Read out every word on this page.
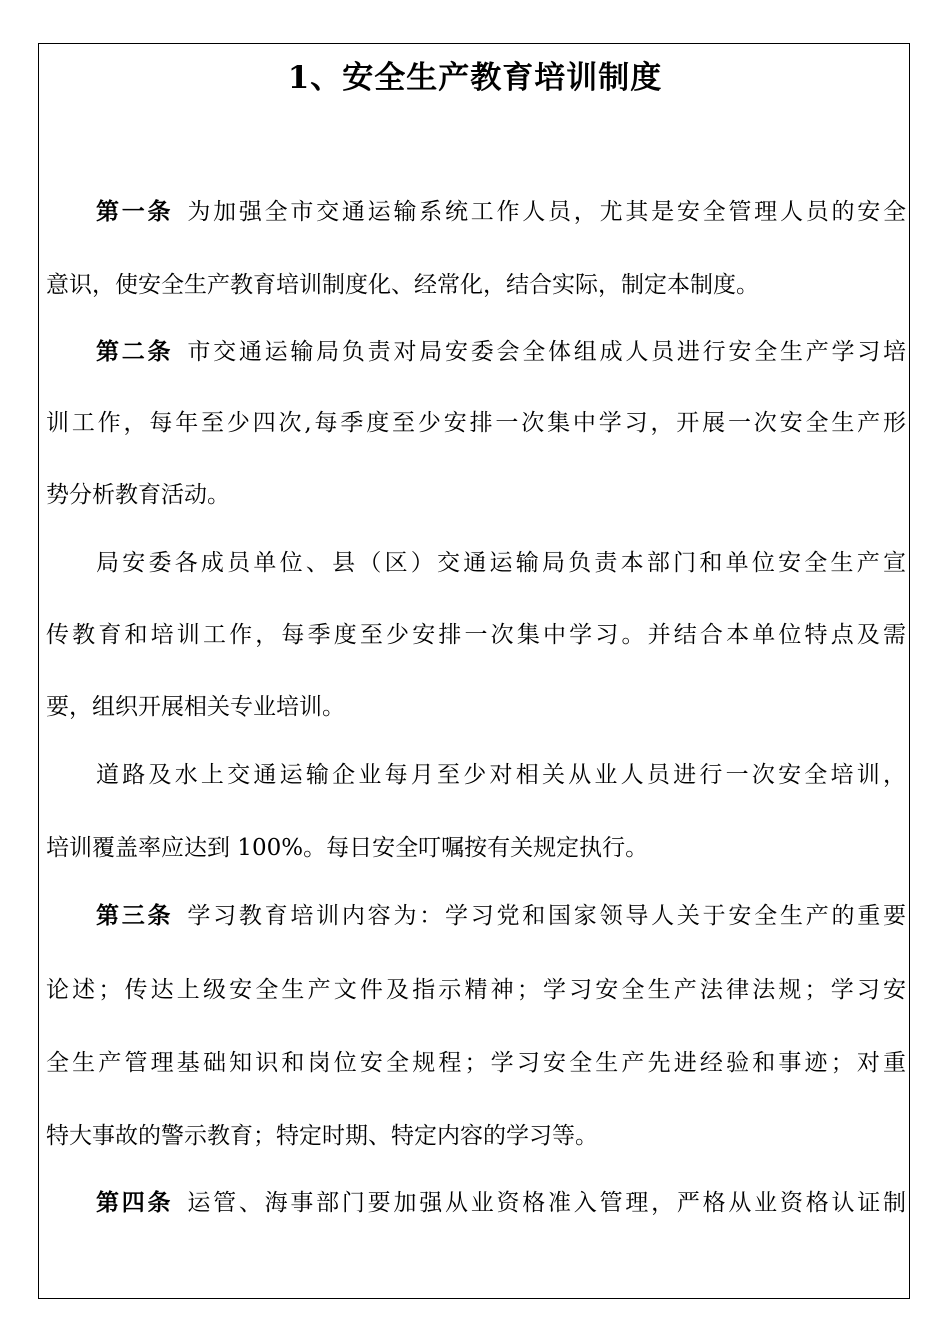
1、安全生产教育培训制度
第一条 为加强全市交通运输系统工作人员，尤其是安全管理人员的安全
意识，使安全生产教育培训制度化、经常化，结合实际，制定本制度。
第二条 市交通运输局负责对局安委会全体组成人员进行安全生产学习培
训工作，每年至少四次,每季度至少安排一次集中学习，开展一次安全生产形
势分析教育活动。
局安委各成员单位、县（区）交通运输局负责本部门和单位安全生产宣
传教育和培训工作，每季度至少安排一次集中学习。并结合本单位特点及需
要，组织开展相关专业培训。
道路及水上交通运输企业每月至少对相关从业人员进行一次安全培训，
培训覆盖率应达到 100%。每日安全叮嘱按有关规定执行。
第三条 学习教育培训内容为：学习党和国家领导人关于安全生产的重要
论述；传达上级安全生产文件及指示精神；学习安全生产法律法规；学习安
全生产管理基础知识和岗位安全规程；学习安全生产先进经验和事迹；对重
特大事故的警示教育；特定时期、特定内容的学习等。
第四条 运管、海事部门要加强从业资格准入管理，严格从业资格认证制
